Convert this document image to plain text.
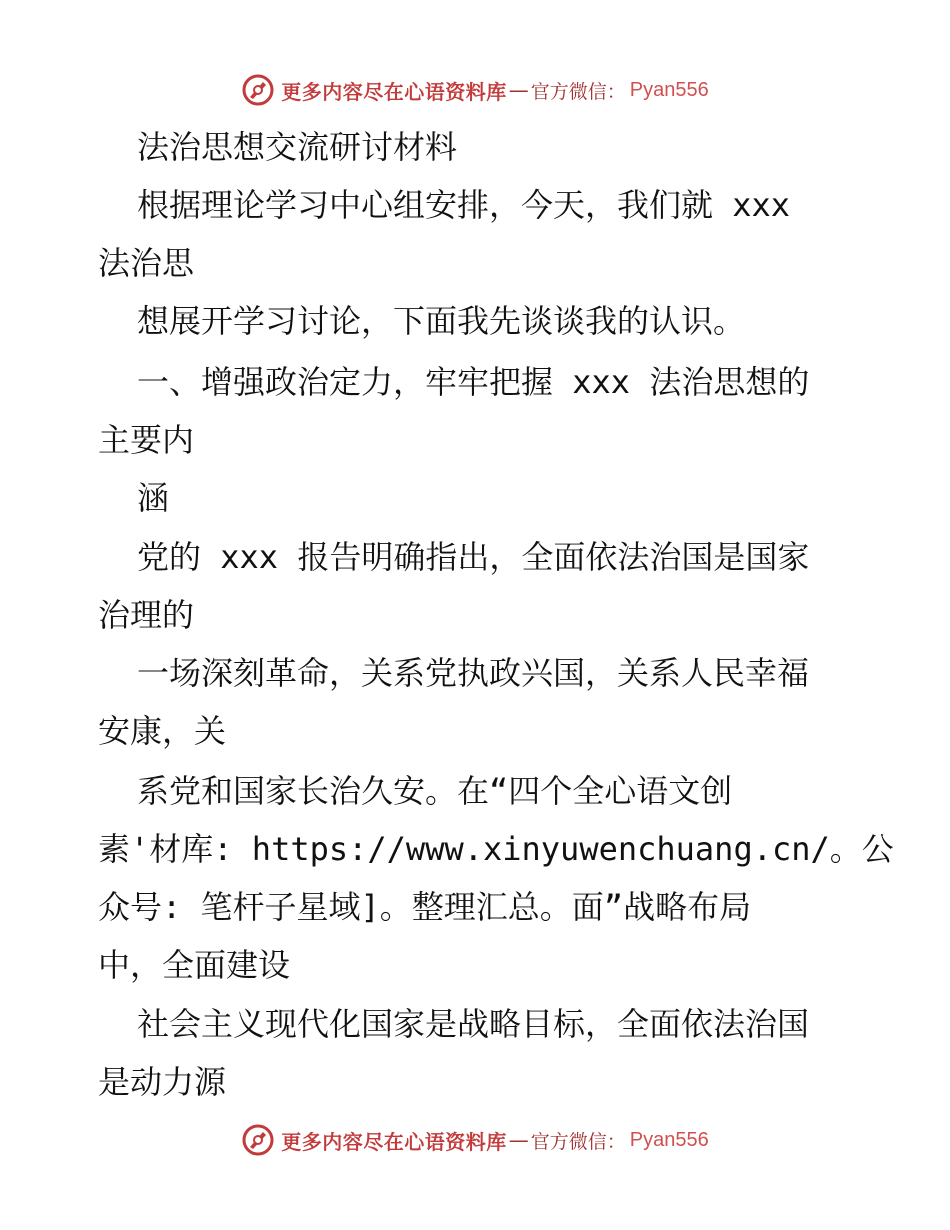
更多内容尽在心语资料库 — 官方微信： Pyan556
法治思想交流研讨材料
根据理论学习中心组安排，今天，我们就 xxx
法治思
想展开学习讨论，下面我先谈谈我的认识。
一、增强政治定力，牢牢把握 xxx 法治思想的
主要内
涵
党的 xxx 报告明确指出，全面依法治国是国家
治理的
一场深刻革命，关系党执政兴国，关系人民幸福
安康，关
系党和国家长治久安。在“四个全心语文创
素'材库: https://www.xinyuwenchuang.cn/。公
众号: 笔杆子星域]。整理汇总。面”战略布局
中，全面建设
社会主义现代化国家是战略目标，全面依法治国
是动力源
更多内容尽在心语资料库 — 官方微信： Pyan556
